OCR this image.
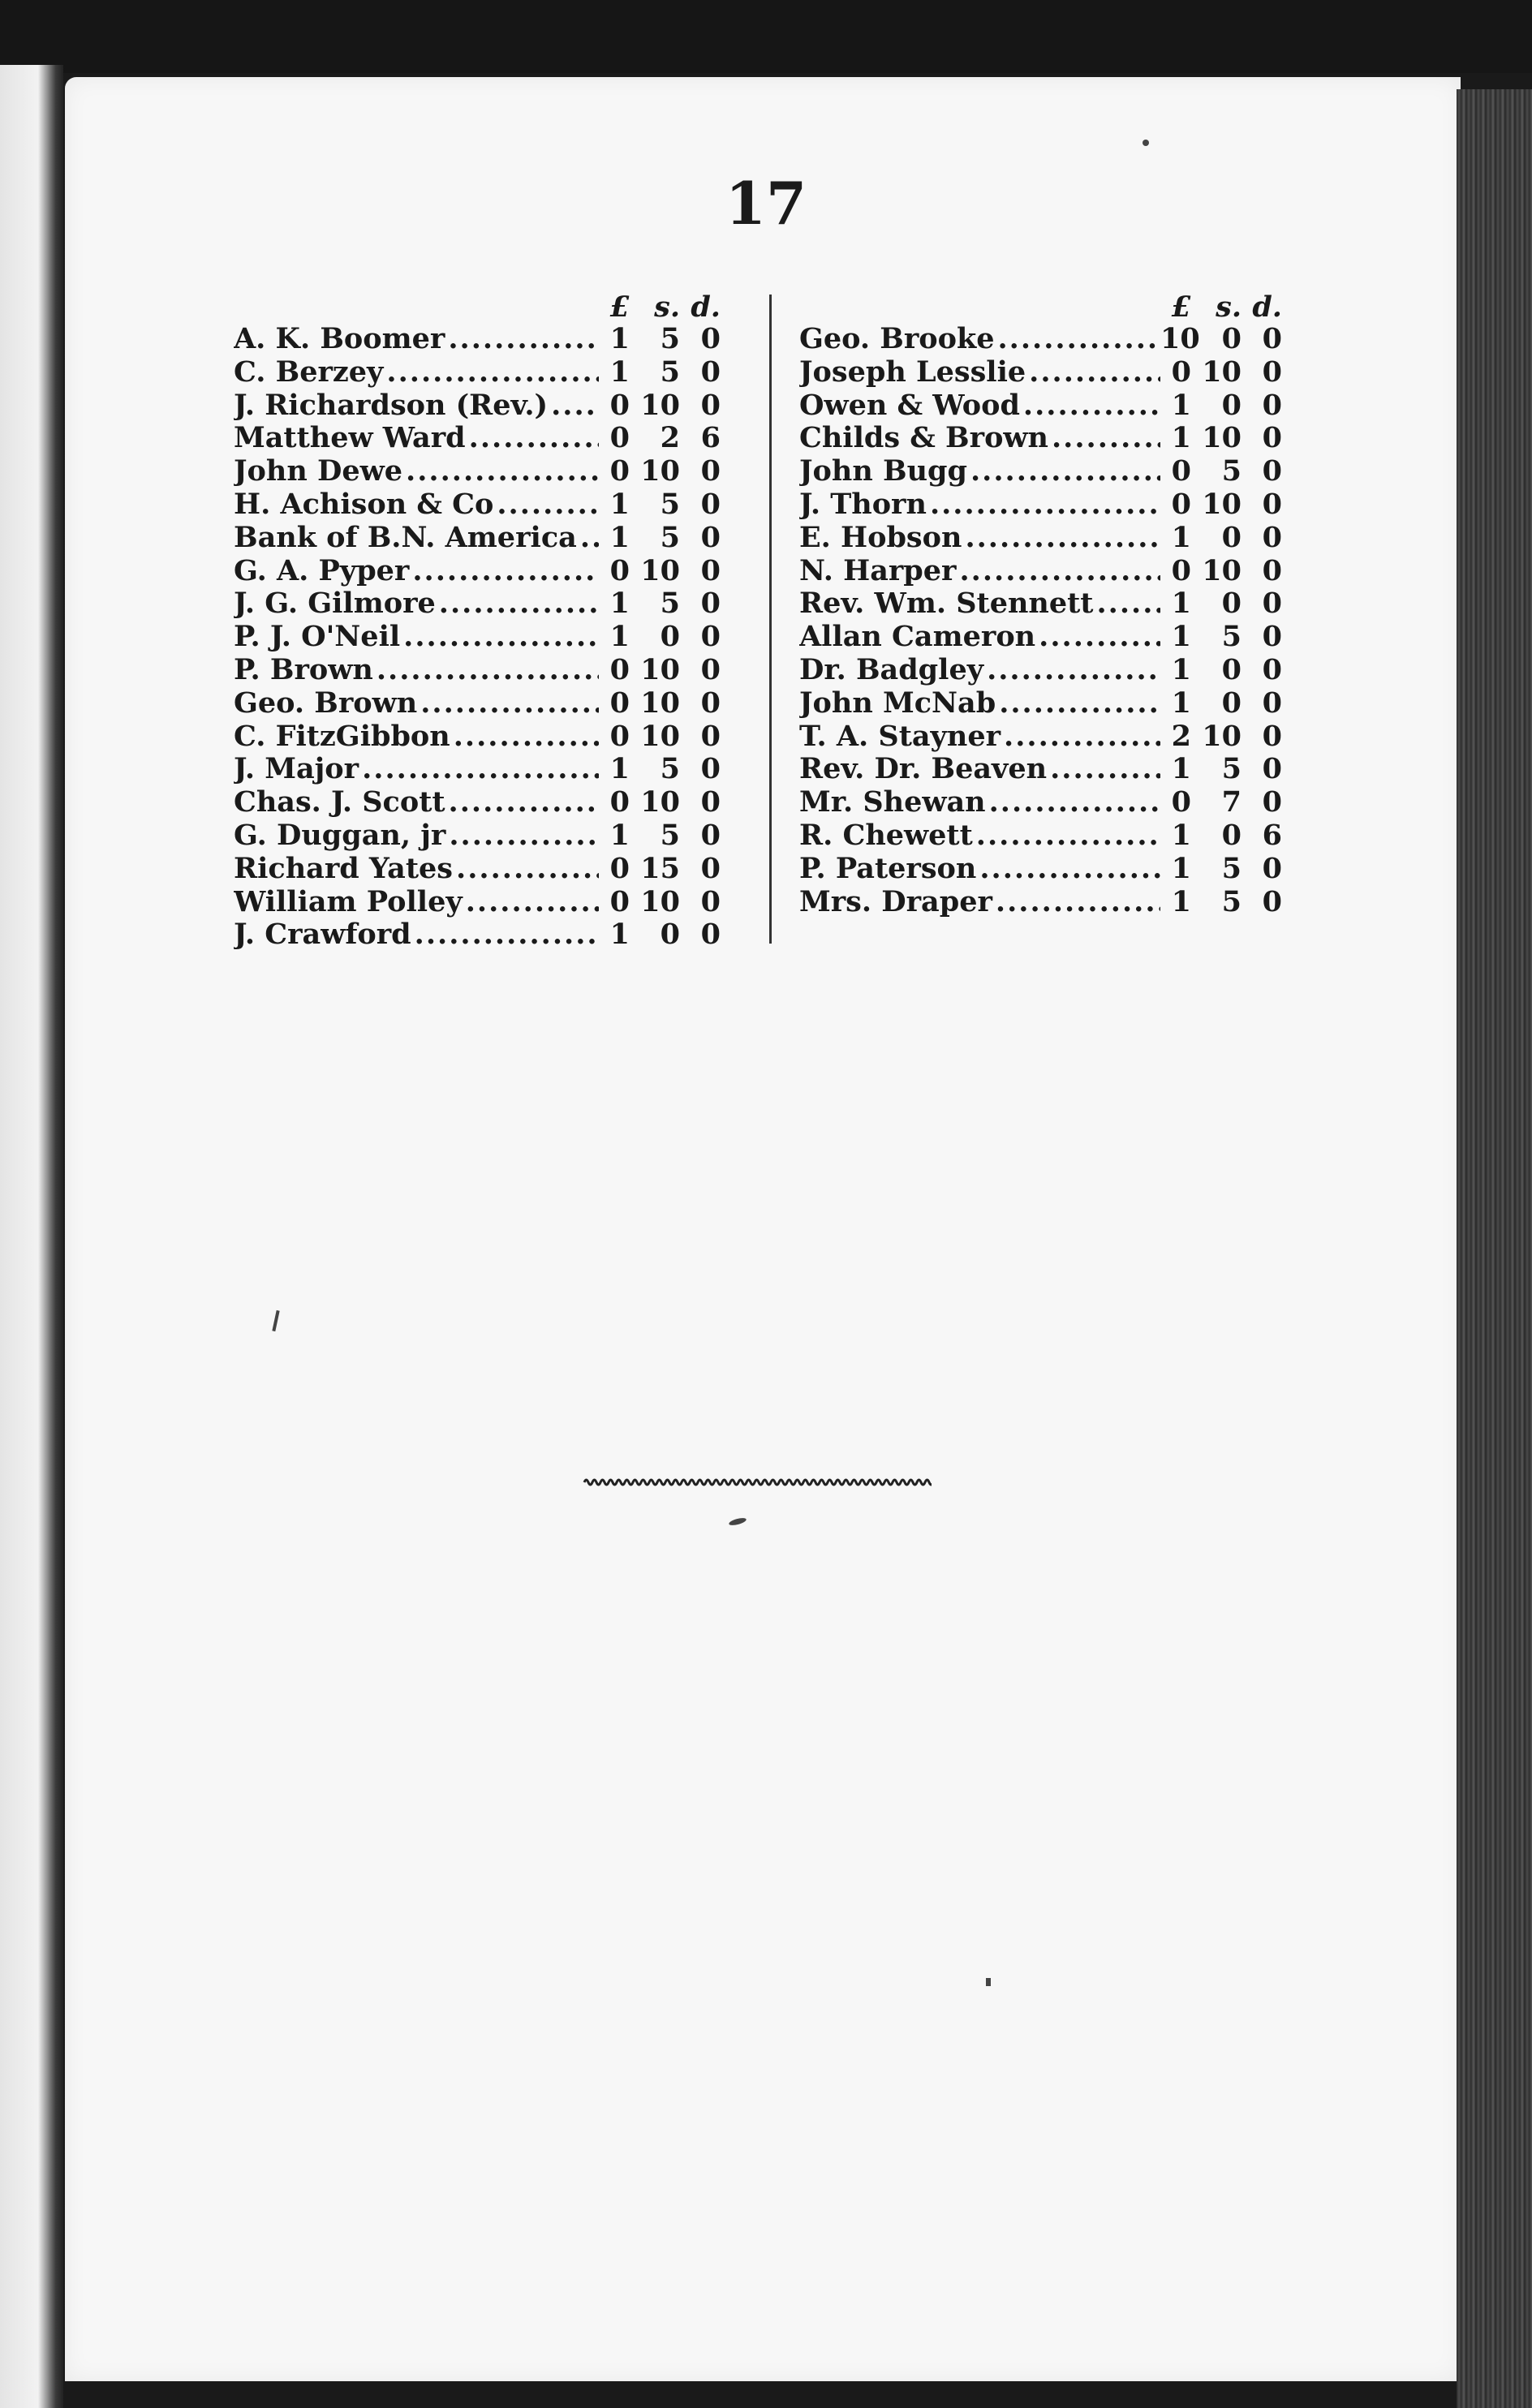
17
£ s. d.
A. K. Boomer .....	1	5 0
C. Berzey .....	1	5 0
J. Richardson (Rev.) .....	0 10 0
Matthew Ward .....	0	2 6
John Dewe .....	0 10 0
H. Achison & Co .....	1	5 0
Bank of B.N. America .....	1	5 0
G. A. Pyper .....	0 10 0
J. G. Gilmore .....	1	5 0
P. J. O'Neil .....	1	0 0
P. Brown .....	0 10 0
Geo. Brown .....	0 10 0
C. FitzGibbon .....	0 10 0
J. Major .....	1	5 0
Chas. J. Scott .....	0 10 0
G. Duggan, jr .....	1	5 0
Richard Yates .....	0 15 0
William Polley .....	0 10 0
J. Crawford .....	1	0 0
£ s. d.
Geo. Brooke .....	10 0 0
Joseph Lesslie .....	0 10 0
Owen & Wood .....	1	0 0
Childs & Brown .....	1 10 0
John Bugg .....	0	5 0
J. Thorn .....	0 10 0
E. Hobson .....	1	0 0
N. Harper .....	0 10 0
Rev. Wm. Stennett .....	1	0 0
Allan Cameron .....	1	5 0
Dr. Badgley .....	1	0 0
John McNab .....	1	0 0
T. A. Stayner .....	2 10 0
Rev. Dr. Beaven .....	1	5 0
Mr. Shewan .....	0	7 0
R. Chewett .....	1	0 6
P. Paterson .....	1	5 0
Mrs. Draper .....	1	5 0
